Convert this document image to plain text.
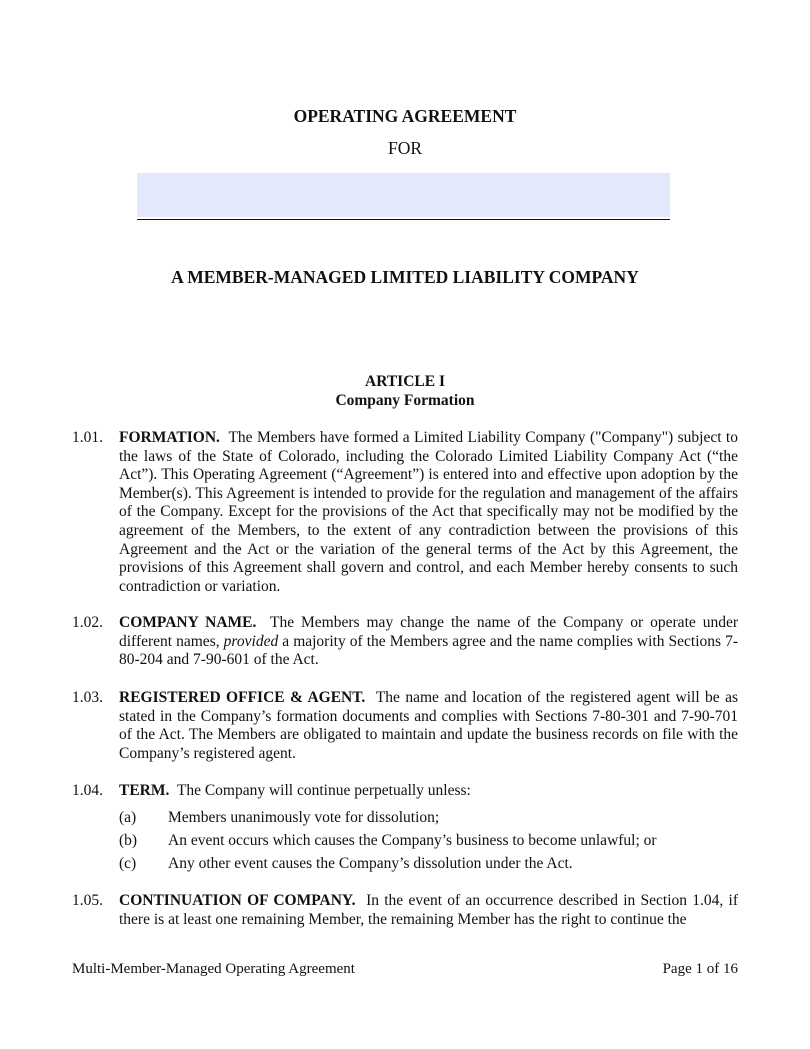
OPERATING AGREEMENT
FOR
A MEMBER-MANAGED LIMITED LIABILITY COMPANY
ARTICLE I
Company Formation
1.01.	FORMATION. The Members have formed a Limited Liability Company ("Company") subject to the laws of the State of Colorado, including the Colorado Limited Liability Company Act (“the Act”). This Operating Agreement (“Agreement”) is entered into and effective upon adoption by the Member(s). This Agreement is intended to provide for the regulation and management of the affairs of the Company. Except for the provisions of the Act that specifically may not be modified by the agreement of the Members, to the extent of any contradiction between the provisions of this Agreement and the Act or the variation of the general terms of the Act by this Agreement, the provisions of this Agreement shall govern and control, and each Member hereby consents to such contradiction or variation.
1.02.	COMPANY NAME. The Members may change the name of the Company or operate under different names, provided a majority of the Members agree and the name complies with Sections 7-80-204 and 7-90-601 of the Act.
1.03.	REGISTERED OFFICE & AGENT. The name and location of the registered agent will be as stated in the Company’s formation documents and complies with Sections 7-80-301 and 7-90-701 of the Act. The Members are obligated to maintain and update the business records on file with the Company’s registered agent.
1.04.	TERM. The Company will continue perpetually unless:
(a)	Members unanimously vote for dissolution;
(b)	An event occurs which causes the Company’s business to become unlawful; or
(c)	Any other event causes the Company’s dissolution under the Act.
1.05.	CONTINUATION OF COMPANY. In the event of an occurrence described in Section 1.04, if there is at least one remaining Member, the remaining Member has the right to continue the
Multi-Member-Managed Operating Agreement	Page 1 of 16
